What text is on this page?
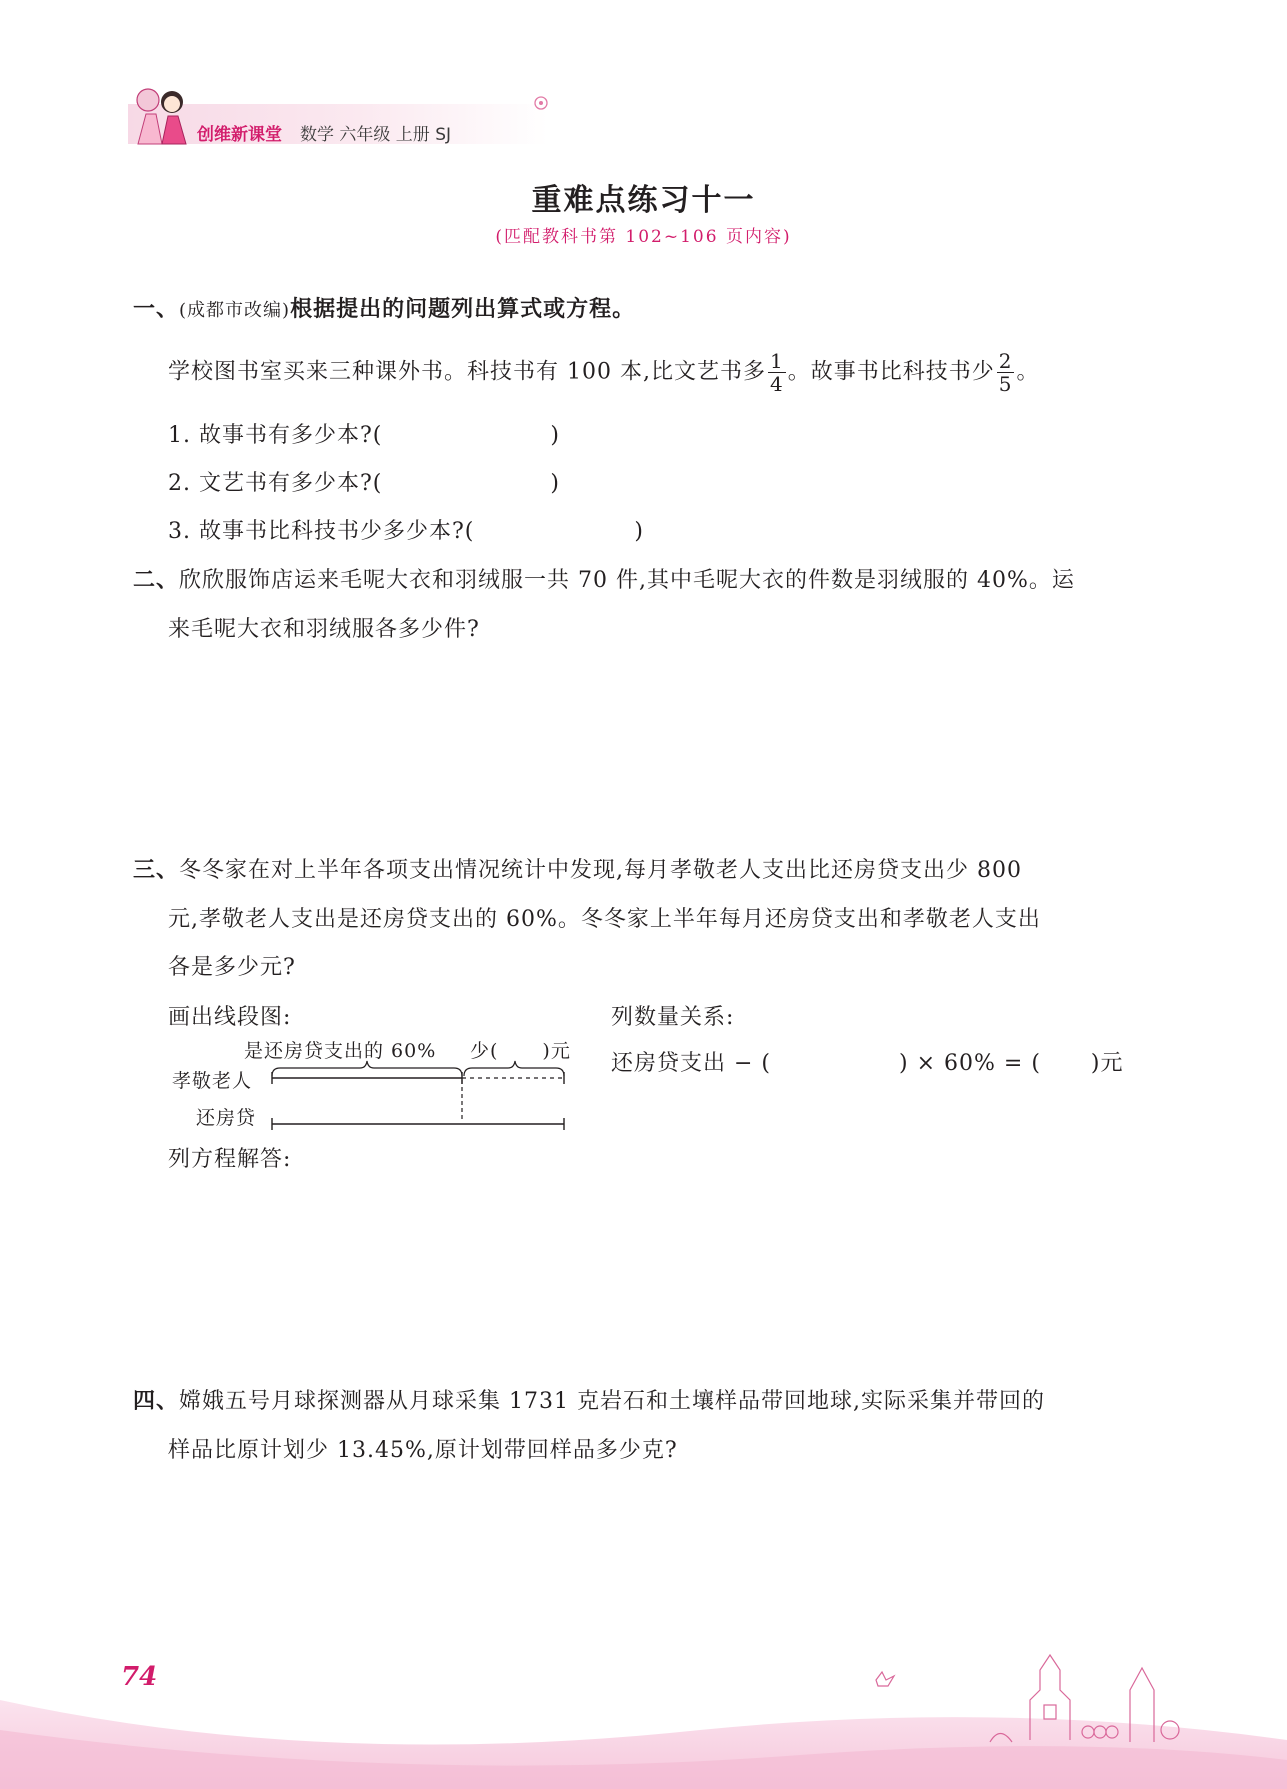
创维新课堂 数学 六年级 上册 SJ
重难点练习十一
(匹配教科书第 102~106 页内容)
一、(成都市改编)根据提出的问题列出算式或方程。
学校图书室买来三种课外书。科技书有 100 本,比文艺书多 $\frac{1}{4}$ 。故事书比科技书少 $\frac{2}{5}$ 。
1. 故事书有多少本?(	)
2. 文艺书有多少本?(	)
3. 故事书比科技书少多少本?(	)
二、欣欣服饰店运来毛呢大衣和羽绒服一共 70 件,其中毛呢大衣的件数是羽绒服的 40%。运
来毛呢大衣和羽绒服各多少件?
三、冬冬家在对上半年各项支出情况统计中发现,每月孝敬老人支出比还房贷支出少 800
元,孝敬老人支出是还房贷支出的 60%。冬冬家上半年每月还房贷支出和孝敬老人支出
各是多少元?
画出线段图:	列数量关系:
是还房贷支出的 60% 少( )元
孝敬老人
还房贷
还房贷支出 − (	) × 60% = ( )元
列方程解答:
四、嫦娥五号月球探测器从月球采集 1731 克岩石和土壤样品带回地球,实际采集并带回的
样品比原计划少 13.45%,原计划带回样品多少克?
74
